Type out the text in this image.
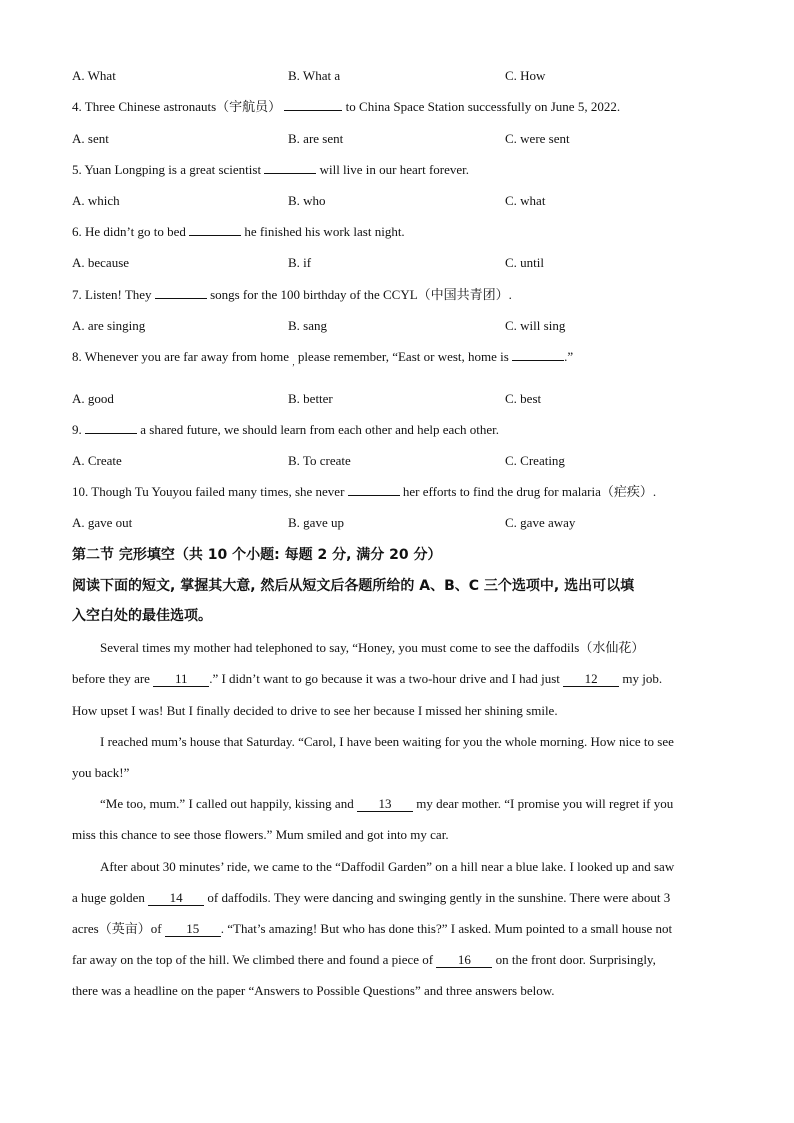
A. What	B. What a	C. How
4. Three Chinese astronauts（宇航员）	to China Space Station successfully on June 5, 2022.
A. sent	B. are sent	C. were sent
5. Yuan Longping is a great scientist	will live in our heart forever.
A. which	B. who	C. what
6. He didn’t go to bed	he finished his work last night.
A. because	B. if	C. until
7. Listen! They	songs for the 100 birthday of the CCYL（中国共青团）.
A. are singing	B. sang	C. will sing
8. Whenever you are far away from home $_,$ please remember, “East or west, home is	.”
A. good	B. better	C. best
9.	a shared future, we should learn from each other and help each other.
A. Create	B. To create	C. Creating
10. Though Tu Youyou failed many times, she never	her efforts to find the drug for malaria（疟疾）.
A. gave out	B. gave up	C. gave away
第二节 完形填空（共 10 个小题: 每题 2 分, 满分 20 分）
阅读下面的短文, 掌握其大意, 然后从短文后各题所给的 A、B、C 三个选项中, 选出可以填
入空白处的最佳选项。
Several times my mother had telephoned to say, “Honey, you must come to see the daffodils（水仙花）
before they are 11 .” I didn’t want to go because it was a two-hour drive and I had just 12 my job.
How upset I was! But I finally decided to drive to see her because I missed her shining smile.
I reached mum’s house that Saturday. “Carol, I have been waiting for you the whole morning. How nice to see
you back!”
“Me too, mum.” I called out happily, kissing and 13 my dear mother. “I promise you will regret if you
miss this chance to see those flowers.” Mum smiled and got into my car.
After about 30 minutes’ ride, we came to the “Daffodil Garden” on a hill near a blue lake. I looked up and saw
a huge golden 14 of daffodils. They were dancing and swinging gently in the sunshine. There were about 3
acres（英亩）of 15 . “That’s amazing! But who has done this?” I asked. Mum pointed to a small house not
far away on the top of the hill. We climbed there and found a piece of 16 on the front door. Surprisingly,
there was a headline on the paper “Answers to Possible Questions” and three answers below.
